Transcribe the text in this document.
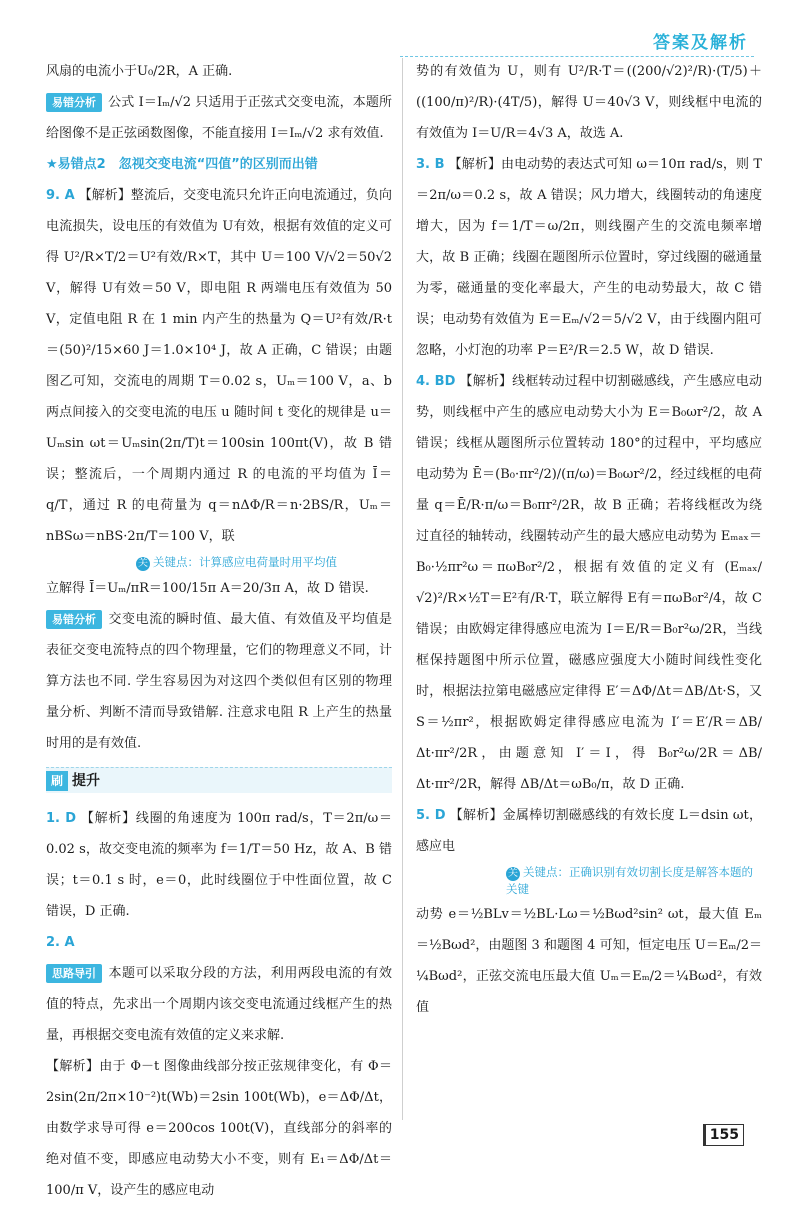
答案及解析
风扇的电流小于U₀/2R，A 正确.
易错分析 公式 I＝Iₘ/√2 只适用于正弦式交变电流，本题所给图像不是正弦函数图像，不能直接用 I＝Iₘ/√2 求有效值.
★易错点2　忽视交变电流“四值”的区别而出错
9. A 【解析】整流后，交变电流只允许正向电流通过，负向电流损失，设电压的有效值为 U有效，根据有效值的定义可得 U²/R×T/2＝U²有效/R×T，其中 U＝100 V/√2＝50√2 V，解得 U有效＝50 V，即电阻 R 两端电压有效值为 50 V，定值电阻 R 在 1 min 内产生的热量为 Q＝U²有效/R·t＝(50)²/15×60 J＝1.0×10⁴ J，故 A 正确，C 错误；由题图乙可知，交流电的周期 T＝0.02 s，Uₘ＝100 V，a、b 两点间接入的交变电流的电压 u 随时间 t 变化的规律是 u＝Uₘsin ωt＝Uₘsin(2π/T)t＝100sin 100πt(V)，故 B 错误；整流后，一个周期内通过 R 的电流的平均值为 Ī＝q/T，通过 R 的电荷量为 q＝nΔΦ/R＝n·2BS/R，Uₘ＝nBSω＝nBS·2π/T＝100 V，联
关 关键点：计算感应电荷量时用平均值
立解得 Ī＝Uₘ/πR＝100/15π A＝20/3π A，故 D 错误.
易错分析 交变电流的瞬时值、最大值、有效值及平均值是表征交变电流特点的四个物理量，它们的物理意义不同，计算方法也不同. 学生容易因为对这四个类似但有区别的物理量分析、判断不清而导致错解. 注意求电阻 R 上产生的热量时用的是有效值.
刷 提升
1. D 【解析】线圈的角速度为 100π rad/s，T＝2π/ω＝0.02 s，故交变电流的频率为 f＝1/T＝50 Hz，故 A、B 错误；t＝0.1 s 时，e＝0，此时线圈位于中性面位置，故 C 错误，D 正确.
2. A
思路导引 本题可以采取分段的方法，利用两段电流的有效值的特点，先求出一个周期内该交变电流通过线框产生的热量，再根据交变电流有效值的定义来求解.
【解析】由于 Φ－t 图像曲线部分按正弦规律变化，有 Φ＝2sin(2π/2π×10⁻²)t(Wb)＝2sin 100t(Wb)，e＝ΔΦ/Δt，由数学求导可得 e＝200cos 100t(V)，直线部分的斜率的绝对值不变，即感应电动势大小不变，则有 E₁＝ΔΦ/Δt＝100/π V，设产生的感应电动
势的有效值为 U，则有 U²/R·T＝((200/√2)²/R)·(T/5)＋((100/π)²/R)·(4T/5)，解得 U＝40√3 V，则线框中电流的有效值为 I＝U/R＝4√3 A，故选 A.
3. B 【解析】由电动势的表达式可知 ω＝10π rad/s，则 T＝2π/ω＝0.2 s，故 A 错误；风力增大，线圈转动的角速度增大，因为 f＝1/T＝ω/2π，则线圈产生的交流电频率增大，故 B 正确；线圈在题图所示位置时，穿过线圈的磁通量为零，磁通量的变化率最大，产生的电动势最大，故 C 错误；电动势有效值为 E＝Eₘ/√2＝5/√2 V，由于线圈内阻可忽略，小灯泡的功率 P＝E²/R＝2.5 W，故 D 错误.
4. BD 【解析】线框转动过程中切割磁感线，产生感应电动势，则线框中产生的感应电动势大小为 E＝B₀ωr²/2，故 A 错误；线框从题图所示位置转动 180°的过程中，平均感应电动势为 Ē＝(B₀·πr²/2)/(π/ω)＝B₀ωr²/2，经过线框的电荷量 q＝Ē/R·π/ω＝B₀πr²/2R，故 B 正确；若将线框改为绕过直径的轴转动，线圈转动产生的最大感应电动势为 Eₘₐₓ＝B₀·½πr²ω＝πωB₀r²/2，根据有效值的定义有 (Eₘₐₓ/√2)²/R×½T＝E²有/R·T，联立解得 E有＝πωB₀r²/4，故 C 错误；由欧姆定律得感应电流为 I＝E/R＝B₀r²ω/2R，当线框保持题图中所示位置，磁感应强度大小随时间线性变化时，根据法拉第电磁感应定律得 E′＝ΔΦ/Δt＝ΔB/Δt·S，又 S＝½πr²，根据欧姆定律得感应电流为 I′＝E′/R＝ΔB/Δt·πr²/2R，由题意知 I′＝I，得 B₀r²ω/2R＝ΔB/Δt·πr²/2R，解得 ΔB/Δt＝ωB₀/π，故 D 正确.
5. D 【解析】金属棒切割磁感线的有效长度 L＝dsin ωt，感应电
关 关键点：正确识别有效切割长度是解答本题的关键
动势 e＝½BLv＝½BL·Lω＝½Bωd²sin² ωt，最大值 Eₘ＝½Bωd²，由题图 3 和题图 4 可知，恒定电压 U＝Eₘ/2＝¼Bωd²，正弦交流电压最大值 Uₘ＝Eₘ/2＝¼Bωd²，有效值
155
